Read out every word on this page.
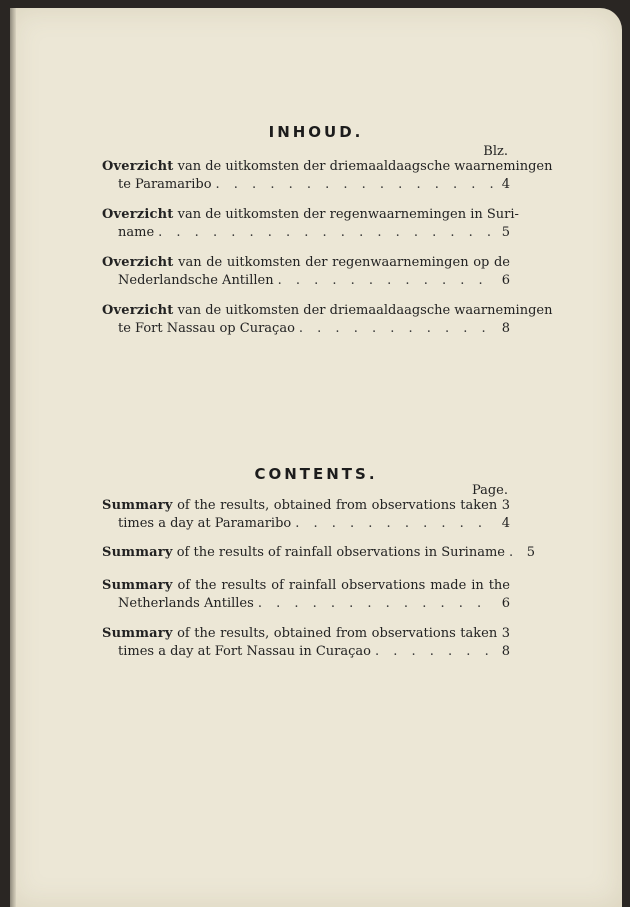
INHOUD.
Blz.
Overzicht van de uitkomsten der driemaaldaagsche waarnemingen
te Paramaribo . . .	4
Overzicht van de uitkomsten der regenwaarnemingen in Suri-
name . . .	5
Overzicht van de uitkomsten der regenwaarnemingen op de
Nederlandsche Antillen . . .	6
Overzicht van de uitkomsten der driemaaldaagsche waarnemingen
te Fort Nassau op Curaçao . . .	8
CONTENTS.
Page.
Summary of the results, obtained from observations taken 3
times a day at Paramaribo . . .	4
Summary
of the results of rainfall observations in Suriname . . . 5
Summary of the results of rainfall observations made in the
Netherlands Antilles . . .	6
Summary of the results, obtained from observations taken 3
times a day at Fort Nassau in Curaçao . . .	8
